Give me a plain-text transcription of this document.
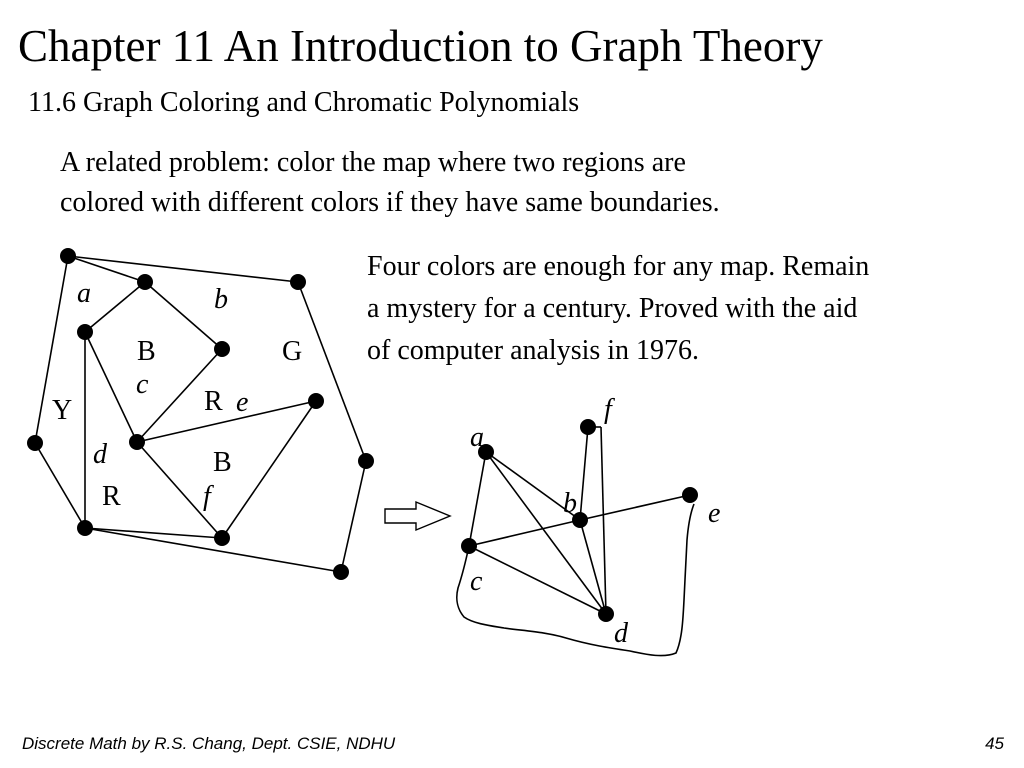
Chapter 11 An Introduction to Graph Theory
11.6 Graph Coloring and Chromatic Polynomials
A related problem: color the map where two regions are
colored with different colors if they have same boundaries.
Four colors are enough for any map. Remain
a mystery for a century. Proved with the aid
of computer analysis in 1976.
a	b
c
d
e
f
B	G
R
B
Y
R
a
b
c
d
e
f
Discrete Math by R.S. Chang, Dept. CSIE, NDHU	45
